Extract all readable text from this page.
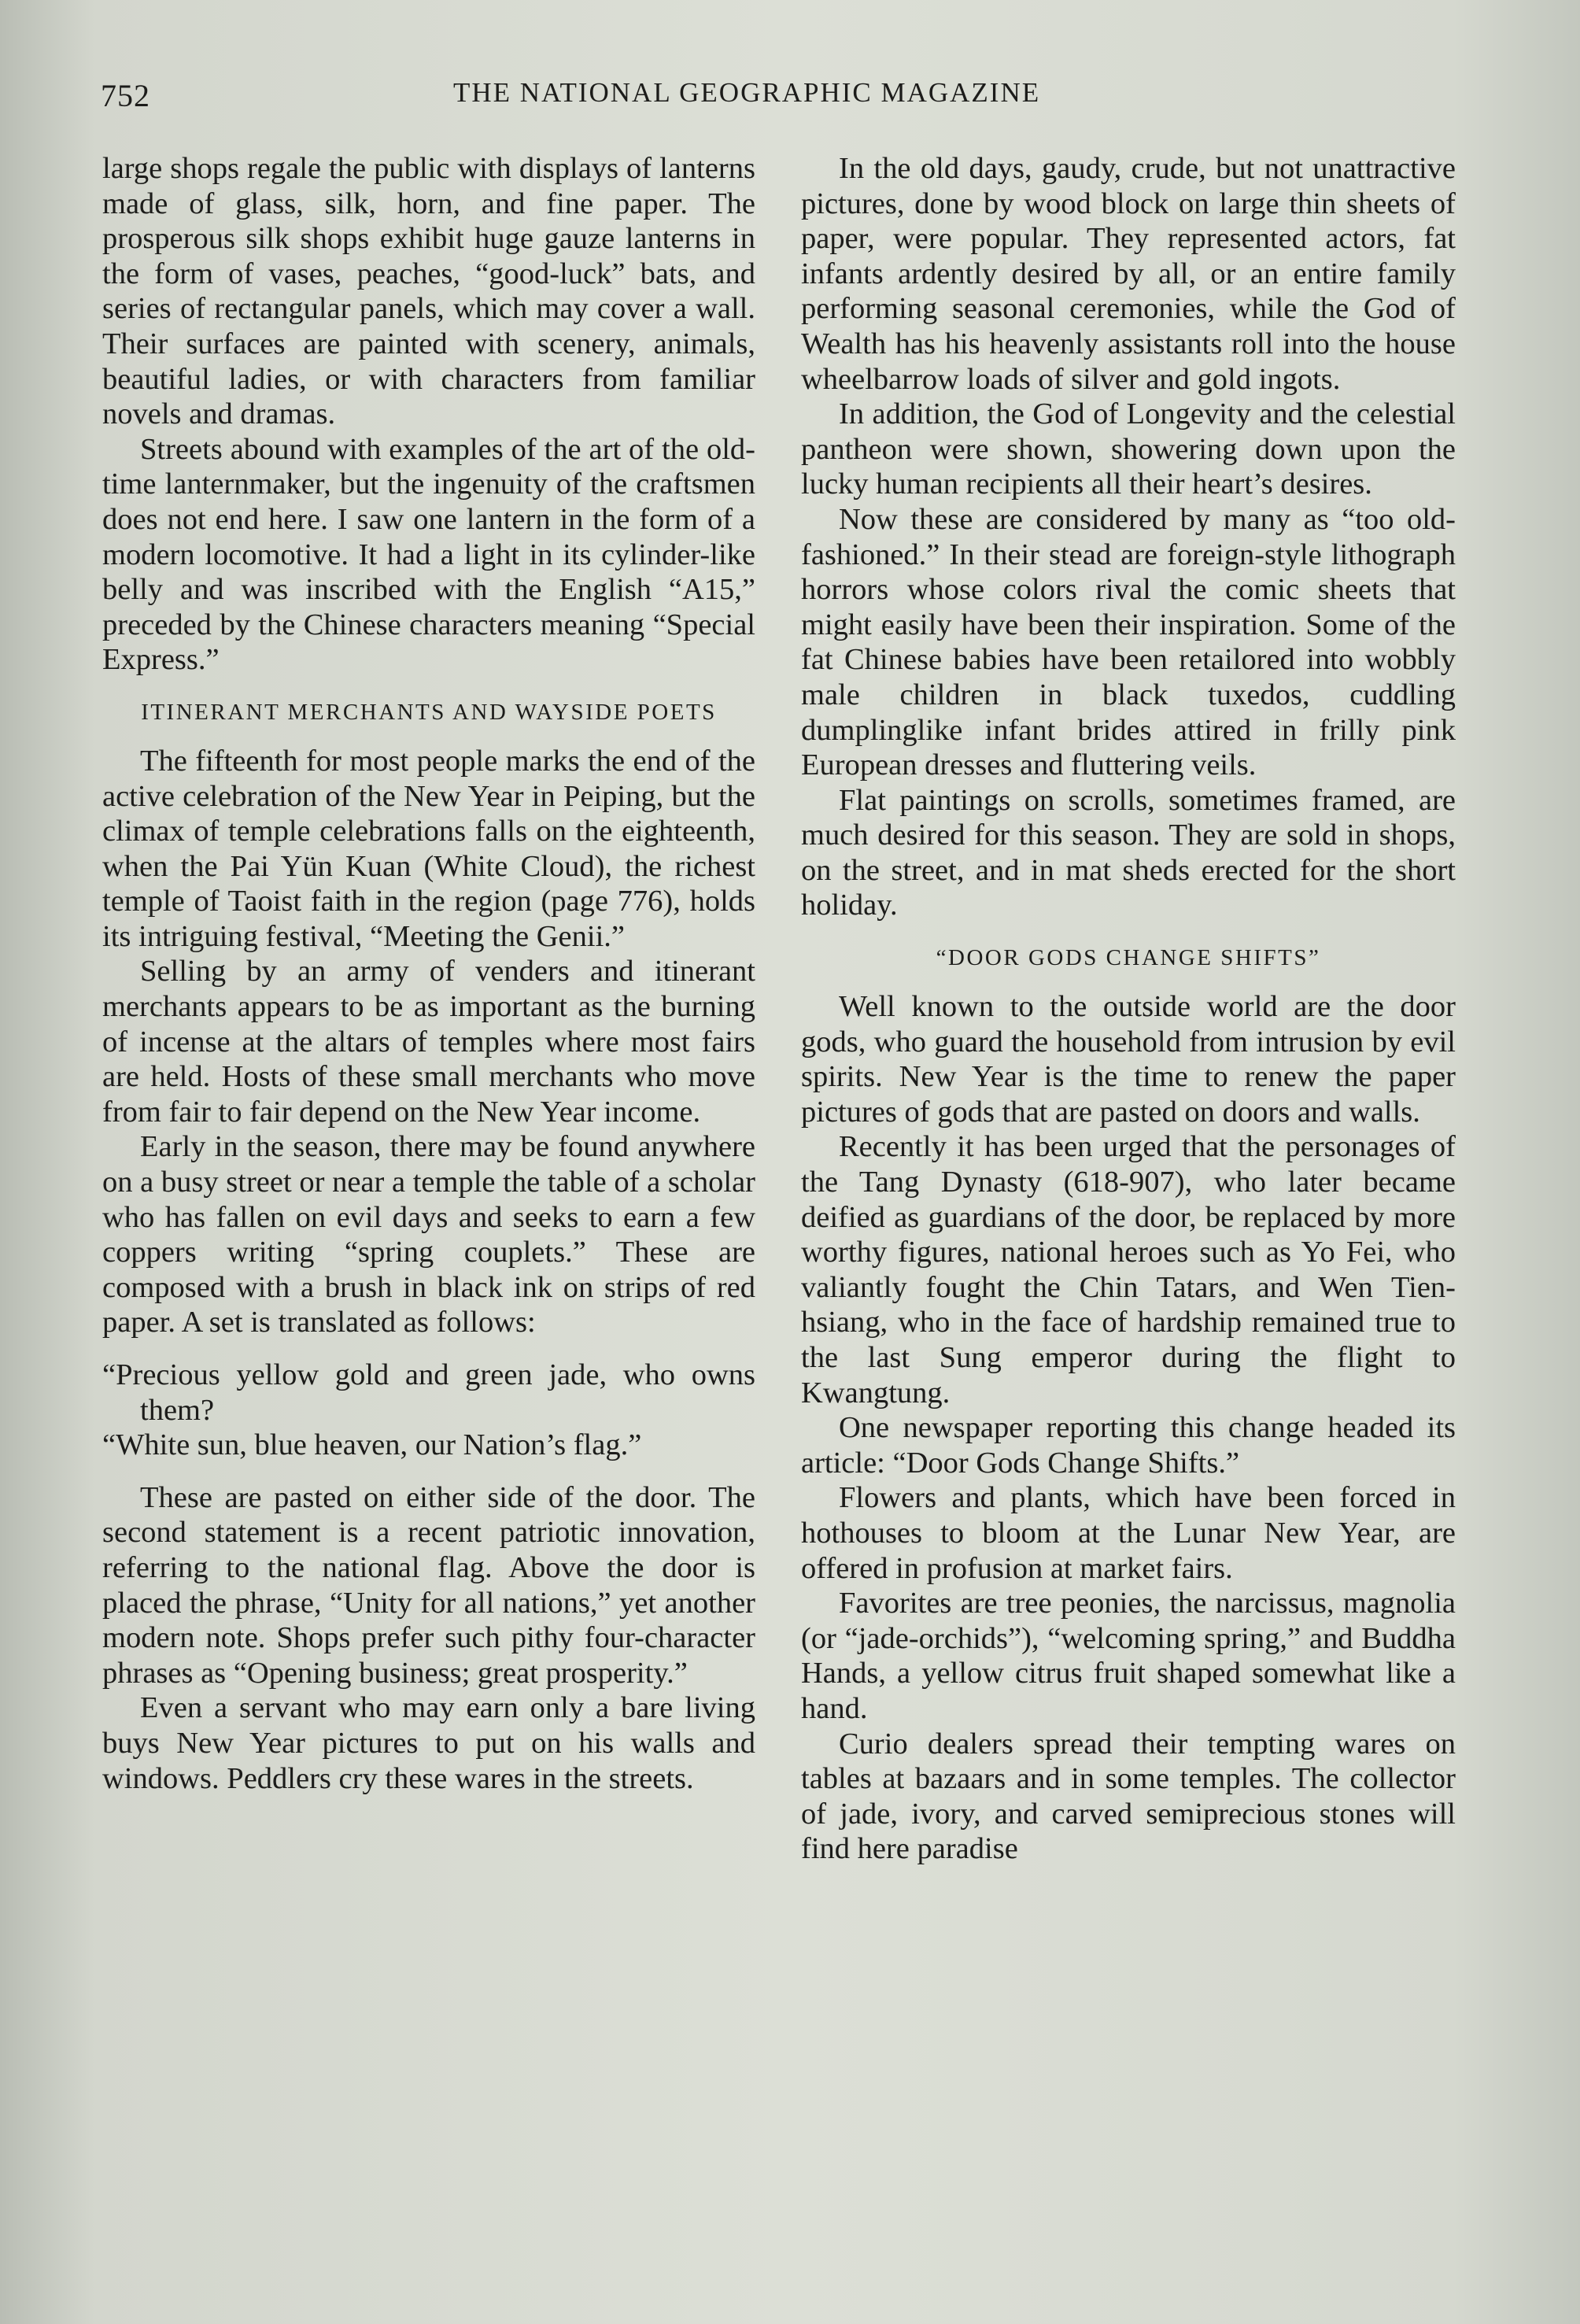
752	THE NATIONAL GEOGRAPHIC MAGAZINE

large shops regale the public with displays of lanterns made of glass, silk, horn, and fine paper. The prosperous silk shops exhibit huge gauze lanterns in the form of vases, peaches, “good-luck” bats, and series of rectangular panels, which may cover a wall. Their surfaces are painted with scenery, animals, beautiful ladies, or with characters from familiar novels and dramas.

Streets abound with examples of the art of the old-time lanternmaker, but the ingenuity of the craftsmen does not end here. I saw one lantern in the form of a modern locomotive. It had a light in its cylinder-like belly and was inscribed with the English “A15,” preceded by the Chinese characters meaning “Special Express.”

ITINERANT MERCHANTS AND WAYSIDE POETS

The fifteenth for most people marks the end of the active celebration of the New Year in Peiping, but the climax of temple celebrations falls on the eighteenth, when the Pai Yün Kuan (White Cloud), the richest temple of Taoist faith in the region (page 776), holds its intriguing festival, “Meeting the Genii.”

Selling by an army of venders and itinerant merchants appears to be as important as the burning of incense at the altars of temples where most fairs are held. Hosts of these small merchants who move from fair to fair depend on the New Year income.

Early in the season, there may be found anywhere on a busy street or near a temple the table of a scholar who has fallen on evil days and seeks to earn a few coppers writing “spring couplets.” These are composed with a brush in black ink on strips of red paper. A set is translated as follows:

“Precious yellow gold and green jade, who owns them?
“White sun, blue heaven, our Nation’s flag.”

These are pasted on either side of the door. The second statement is a recent patriotic innovation, referring to the national flag. Above the door is placed the phrase, “Unity for all nations,” yet another modern note. Shops prefer such pithy four-character phrases as “Opening business; great prosperity.”

Even a servant who may earn only a bare living buys New Year pictures to put on his walls and windows. Peddlers cry these wares in the streets.

In the old days, gaudy, crude, but not unattractive pictures, done by wood block on large thin sheets of paper, were popular. They represented actors, fat infants ardently desired by all, or an entire family performing seasonal ceremonies, while the God of Wealth has his heavenly assistants roll into the house wheelbarrow loads of silver and gold ingots.

In addition, the God of Longevity and the celestial pantheon were shown, showering down upon the lucky human recipients all their heart’s desires.

Now these are considered by many as “too old-fashioned.” In their stead are foreign-style lithograph horrors whose colors rival the comic sheets that might easily have been their inspiration. Some of the fat Chinese babies have been retailored into wobbly male children in black tuxedos, cuddling dumplinglike infant brides attired in frilly pink European dresses and fluttering veils.

Flat paintings on scrolls, sometimes framed, are much desired for this season. They are sold in shops, on the street, and in mat sheds erected for the short holiday.

“DOOR GODS CHANGE SHIFTS”

Well known to the outside world are the door gods, who guard the household from intrusion by evil spirits. New Year is the time to renew the paper pictures of gods that are pasted on doors and walls.

Recently it has been urged that the personages of the Tang Dynasty (618-907), who later became deified as guardians of the door, be replaced by more worthy figures, national heroes such as Yo Fei, who valiantly fought the Chin Tatars, and Wen Tien-hsiang, who in the face of hardship remained true to the last Sung emperor during the flight to Kwangtung.

One newspaper reporting this change headed its article: “Door Gods Change Shifts.”

Flowers and plants, which have been forced in hothouses to bloom at the Lunar New Year, are offered in profusion at market fairs.

Favorites are tree peonies, the narcissus, magnolia (or “jade-orchids”), “welcoming spring,” and Buddha Hands, a yellow citrus fruit shaped somewhat like a hand.

Curio dealers spread their tempting wares on tables at bazaars and in some temples. The collector of jade, ivory, and carved semiprecious stones will find here paradise
